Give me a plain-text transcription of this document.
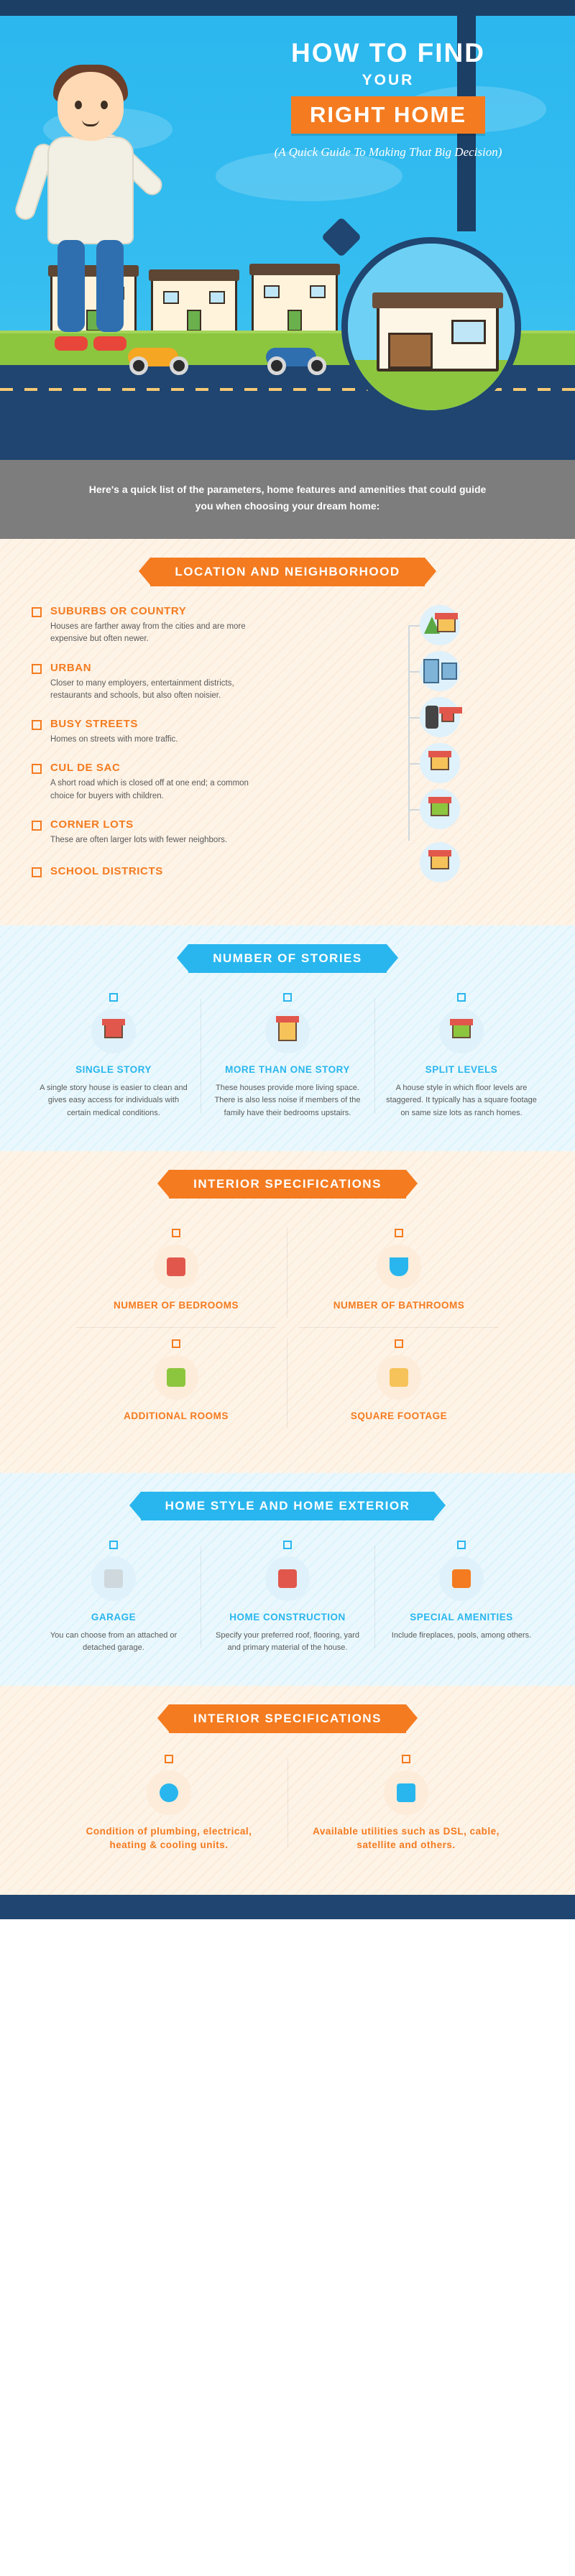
HOW TO FIND
YOUR
RIGHT HOME
(A Quick Guide To Making That Big Decision)
Here's a quick list of the parameters, home features and amenities that could guide you when choosing your dream home:
LOCATION AND NEIGHBORHOOD
SUBURBS OR COUNTRY
Houses are farther away from the cities and are more expensive but often newer.
URBAN
Closer to many employers, entertainment districts, restaurants and schools, but also often noisier.
BUSY STREETS
Homes on streets with more traffic.
CUL DE SAC
A short road which is closed off at one end; a common choice for buyers with children.
CORNER LOTS
These are often larger lots with fewer neighbors.
SCHOOL DISTRICTS
NUMBER OF STORIES
SINGLE STORY
A single story house is easier to clean and gives easy access for individuals with certain medical conditions.
MORE THAN ONE STORY
These houses provide more living space. There is also less noise if members of the family have their bedrooms upstairs.
SPLIT LEVELS
A house style in which floor levels are staggered. It typically has a square footage on same size lots as ranch homes.
INTERIOR SPECIFICATIONS
NUMBER OF BEDROOMS	NUMBER OF BATHROOMS
ADDITIONAL ROOMS	SQUARE FOOTAGE
HOME STYLE AND HOME EXTERIOR
GARAGE
You can choose from an attached or detached garage.
HOME CONSTRUCTION
Specify your preferred roof, flooring, yard and primary material of the house.
SPECIAL AMENITIES
Include fireplaces, pools, among others.
INTERIOR SPECIFICATIONS
Condition of plumbing, electrical, heating & cooling units.
Available utilities such as DSL, cable, satellite and others.
